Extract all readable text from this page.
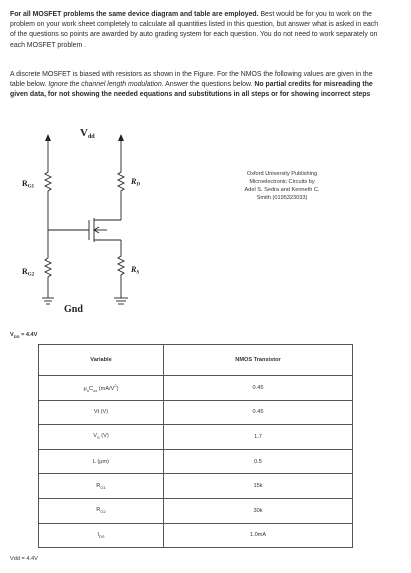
For all MOSFET problems the same device diagram and table are employed. Best would be for you to work on the problem on your work sheet completely to calculate all quantities listed in this question, but answer what is asked in each of the questions so points are awarded by auto grading system for each question. You do not need to work separately on each MOSFET problem .
A discrete MOSFET is biased with resistors as shown in the Figure. For the NMOS the following values are given in the table below. Ignore the channel length modulation. Answer the questions below. No partial credits for misreading the given data, for not showing the needed equations and substitutions in all steps or for showing incorrect steps
Vdd
RG1
RG2
RD
RS
Gnd
Oxford University Publishing
Microelectronic Circuits by
Adel S. Sedra and Kenneth C.
Smith (0195323033)
$V_{DD} = 4.4V$
Variable	NMOS Transistor
$\mu_nC_{ox}$ $(mA/V^2)$	0.45
Vt (V)	0.45
$V_S$ (V)	1.7
L (μm)	0.5
$R_{G1}$	15k
$R_{G2}$	30k
$I_{DS}$	1.0mA
Vdd = 4.4V
